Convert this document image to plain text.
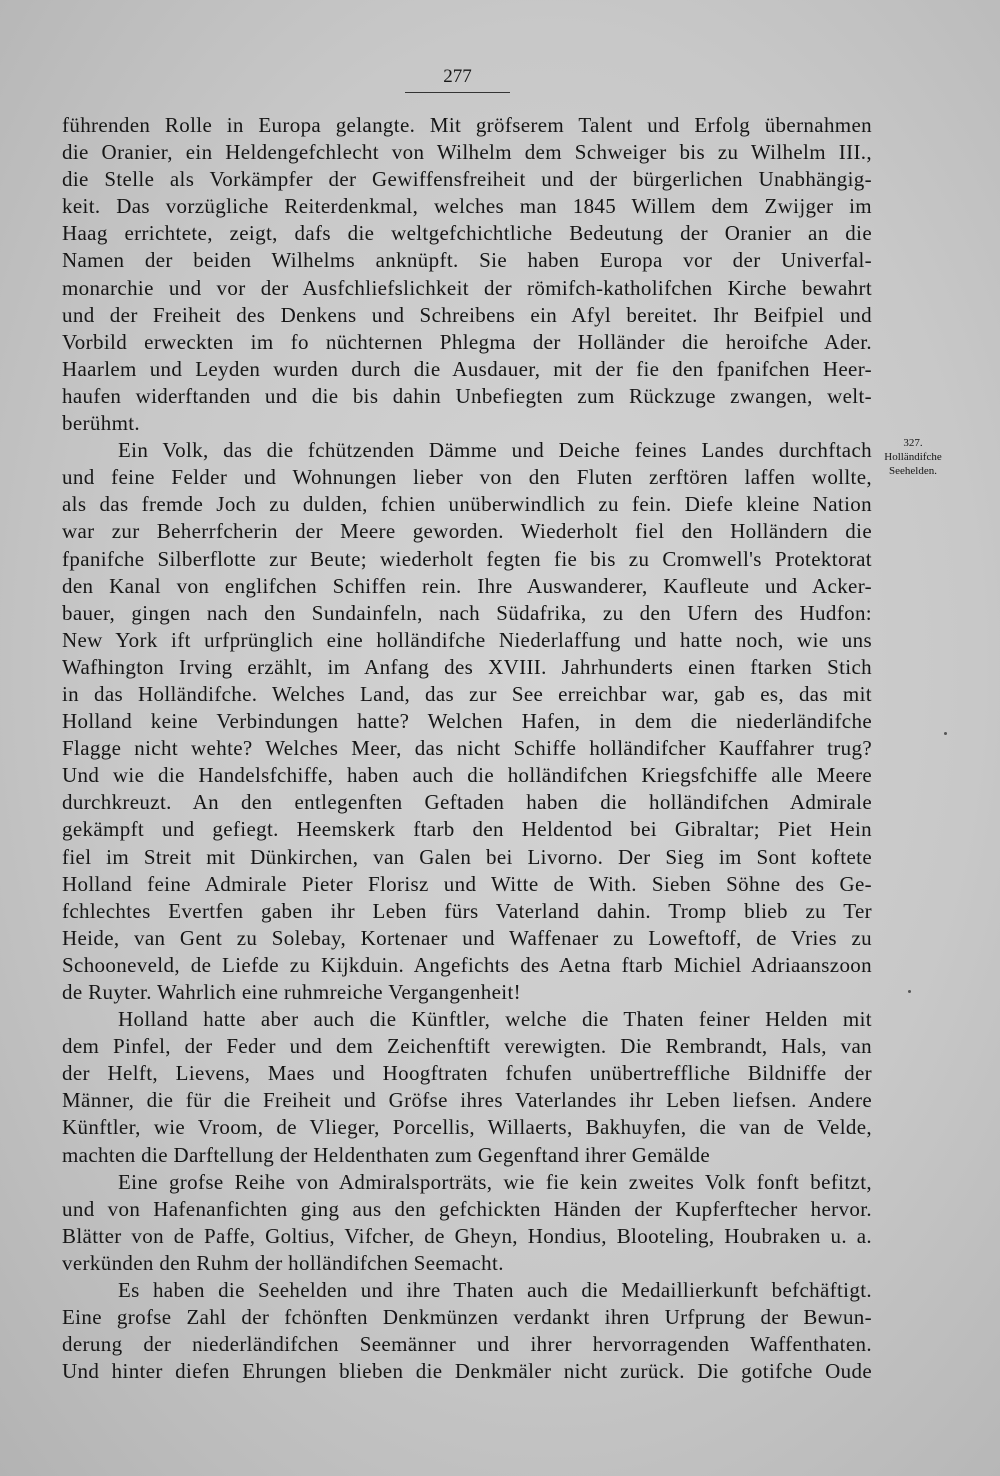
277
führenden Rolle in Europa gelangte. Mit gröfserem Talent und Erfolg übernahmen
die Oranier, ein Heldengefchlecht von Wilhelm dem Schweiger bis zu Wilhelm III.,
die Stelle als Vorkämpfer der Gewiffensfreiheit und der bürgerlichen Unabhängig-
keit. Das vorzügliche Reiterdenkmal, welches man 1845 Willem dem Zwijger im
Haag errichtete, zeigt, dafs die weltgefchichtliche Bedeutung der Oranier an die
Namen der beiden Wilhelms anknüpft. Sie haben Europa vor der Univerfal-
monarchie und vor der Ausfchliefslichkeit der römifch-katholifchen Kirche bewahrt
und der Freiheit des Denkens und Schreibens ein Afyl bereitet. Ihr Beifpiel und
Vorbild erweckten im fo nüchternen Phlegma der Holländer die heroifche Ader.
Haarlem und Leyden wurden durch die Ausdauer, mit der fie den fpanifchen Heer-
haufen widerftanden und die bis dahin Unbefiegten zum Rückzuge zwangen, welt-
berühmt.
Ein Volk, das die fchützenden Dämme und Deiche feines Landes durchftach
und feine Felder und Wohnungen lieber von den Fluten zerftören laffen wollte,
als das fremde Joch zu dulden, fchien unüberwindlich zu fein. Diefe kleine Nation
war zur Beherrfcherin der Meere geworden. Wiederholt fiel den Holländern die
fpanifche Silberflotte zur Beute; wiederholt fegten fie bis zu Cromwell's Protektorat
den Kanal von englifchen Schiffen rein. Ihre Auswanderer, Kaufleute und Acker-
bauer, gingen nach den Sundainfeln, nach Südafrika, zu den Ufern des Hudfon:
New York ift urfprünglich eine holländifche Niederlaffung und hatte noch, wie uns
Wafhington Irving erzählt, im Anfang des XVIII. Jahrhunderts einen ftarken Stich
in das Holländifche. Welches Land, das zur See erreichbar war, gab es, das mit
Holland keine Verbindungen hatte? Welchen Hafen, in dem die niederländifche
Flagge nicht wehte? Welches Meer, das nicht Schiffe holländifcher Kauffahrer trug?
Und wie die Handelsfchiffe, haben auch die holländifchen Kriegsfchiffe alle Meere
durchkreuzt. An den entlegenften Geftaden haben die holländifchen Admirale
gekämpft und gefiegt. Heemskerk ftarb den Heldentod bei Gibraltar; Piet Hein
fiel im Streit mit Dünkirchen, van Galen bei Livorno. Der Sieg im Sont koftete
Holland feine Admirale Pieter Florisz und Witte de With. Sieben Söhne des Ge-
fchlechtes Evertfen gaben ihr Leben fürs Vaterland dahin. Tromp blieb zu Ter
Heide, van Gent zu Solebay, Kortenaer und Waffenaer zu Loweftoff, de Vries zu
Schooneveld, de Liefde zu Kijkduin. Angefichts des Aetna ftarb Michiel Adriaanszoon
de Ruyter. Wahrlich eine ruhmreiche Vergangenheit!
Holland hatte aber auch die Künftler, welche die Thaten feiner Helden mit
dem Pinfel, der Feder und dem Zeichenftift verewigten. Die Rembrandt, Hals, van
der Helft, Lievens, Maes und Hoogftraten fchufen unübertreffliche Bildniffe der
Männer, die für die Freiheit und Gröfse ihres Vaterlandes ihr Leben liefsen. Andere
Künftler, wie Vroom, de Vlieger, Porcellis, Willaerts, Bakhuyfen, die van de Velde,
machten die Darftellung der Heldenthaten zum Gegenftand ihrer Gemälde
Eine grofse Reihe von Admiralsporträts, wie fie kein zweites Volk fonft befitzt,
und von Hafenanfichten ging aus den gefchickten Händen der Kupferftecher hervor.
Blätter von de Paffe, Goltius, Vifcher, de Gheyn, Hondius, Blooteling, Houbraken u. a.
verkünden den Ruhm der holländifchen Seemacht.
Es haben die Seehelden und ihre Thaten auch die Medaillierkunft befchäftigt.
Eine grofse Zahl der fchönften Denkmünzen verdankt ihren Urfprung der Bewun-
derung der niederländifchen Seemänner und ihrer hervorragenden Waffenthaten.
Und hinter diefen Ehrungen blieben die Denkmäler nicht zurück. Die gotifche Oude
327.
Holländifche
Seehelden.
